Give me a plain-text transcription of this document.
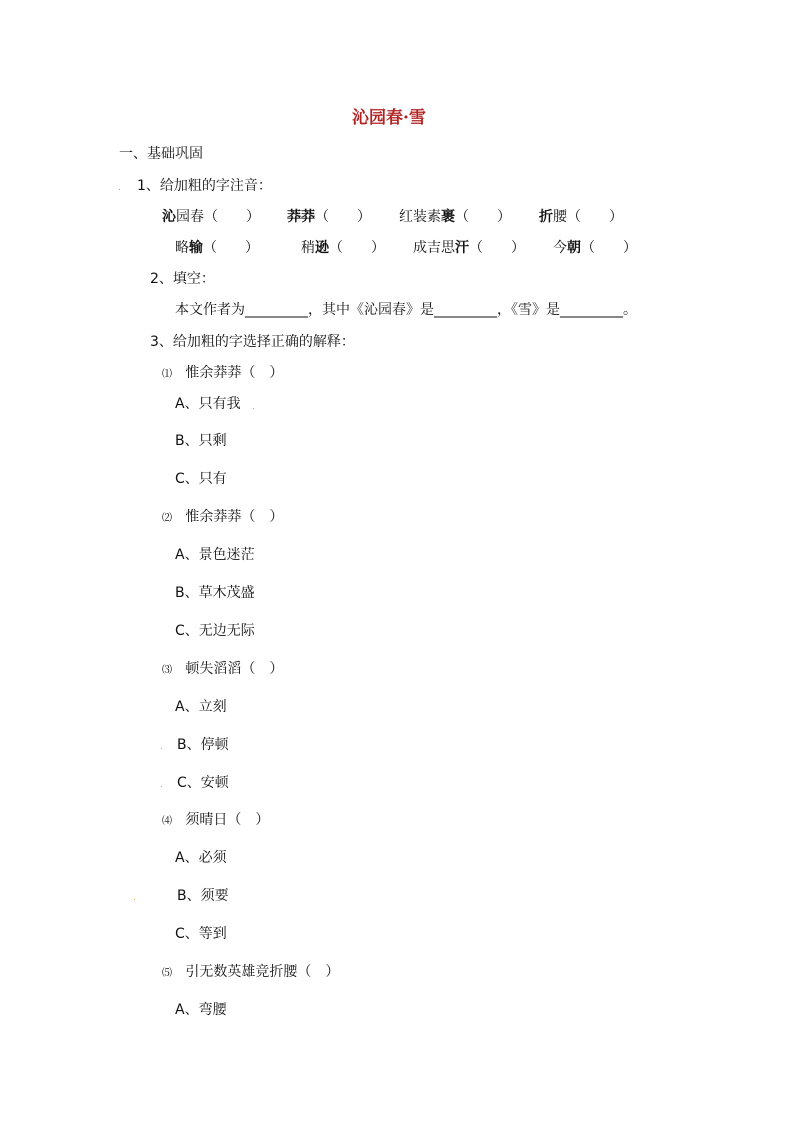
沁园春·雪
一、基础巩固
. 1、给加粗的字注音：
沁园春（　　） 莽莽（　　） 红装素裹（　　） 折腰（　　）
略输（　　）	稍逊（　　） 成吉思汗（　　） 今朝（　　）
2、填空：
本文作者为_________，其中《沁园春》是_________，《雪》是_________。
3、给加粗的字选择正确的解释：
⑴ 惟余莽莽（　）
A、只有我 .
B、只剩
C、只有
⑵ 惟余莽莽（　）
A、景色迷茫
B、草木茂盛
C、无边无际
⑶ 顿失滔滔（　）
A、立刻
. B、停顿
. C、安顿
⑷ 须晴日（　）
A、必须
.	B、须要
C、等到
⑸ 引无数英雄竞折腰（　）
A、弯腰
